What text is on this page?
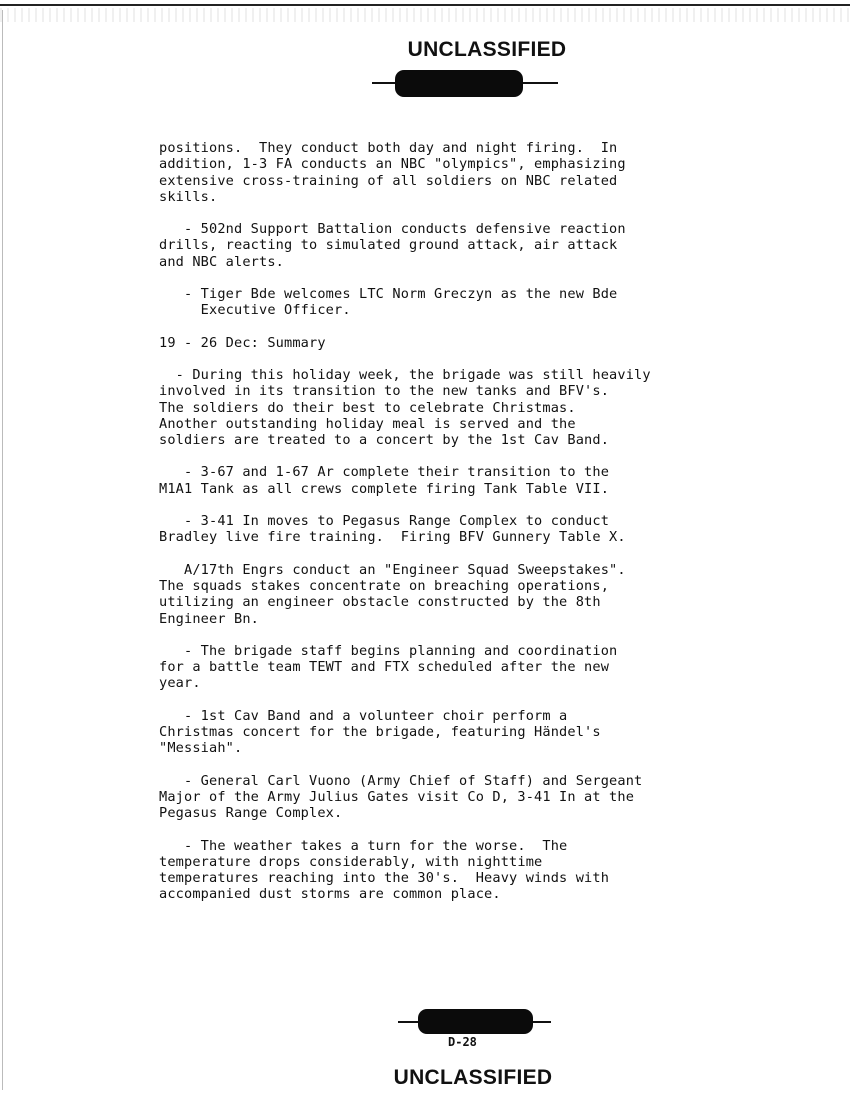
UNCLASSIFIED

positions.  They conduct both day and night firing.  In
addition, 1-3 FA conducts an NBC "olympics", emphasizing
extensive cross-training of all soldiers on NBC related
skills.

- 502nd Support Battalion conducts defensive reaction
drills, reacting to simulated ground attack, air attack
and NBC alerts.

- Tiger Bde welcomes LTC Norm Greczyn as the new Bde
Executive Officer.

19 - 26 Dec: Summary

- During this holiday week, the brigade was still heavily
involved in its transition to the new tanks and BFV's.
The soldiers do their best to celebrate Christmas.
Another outstanding holiday meal is served and the
soldiers are treated to a concert by the 1st Cav Band.

- 3-67 and 1-67 Ar complete their transition to the
M1A1 Tank as all crews complete firing Tank Table VII.

- 3-41 In moves to Pegasus Range Complex to conduct
Bradley live fire training.  Firing BFV Gunnery Table X.

A/17th Engrs conduct an "Engineer Squad Sweepstakes".
The squads stakes concentrate on breaching operations,
utilizing an engineer obstacle constructed by the 8th
Engineer Bn.

- The brigade staff begins planning and coordination
for a battle team TEWT and FTX scheduled after the new
year.

- 1st Cav Band and a volunteer choir perform a
Christmas concert for the brigade, featuring Händel's
"Messiah".

- General Carl Vuono (Army Chief of Staff) and Sergeant
Major of the Army Julius Gates visit Co D, 3-41 In at the
Pegasus Range Complex.

- The weather takes a turn for the worse.  The
temperature drops considerably, with nighttime
temperatures reaching into the 30's.  Heavy winds with
accompanied dust storms are common place.

D-28
UNCLASSIFIED
